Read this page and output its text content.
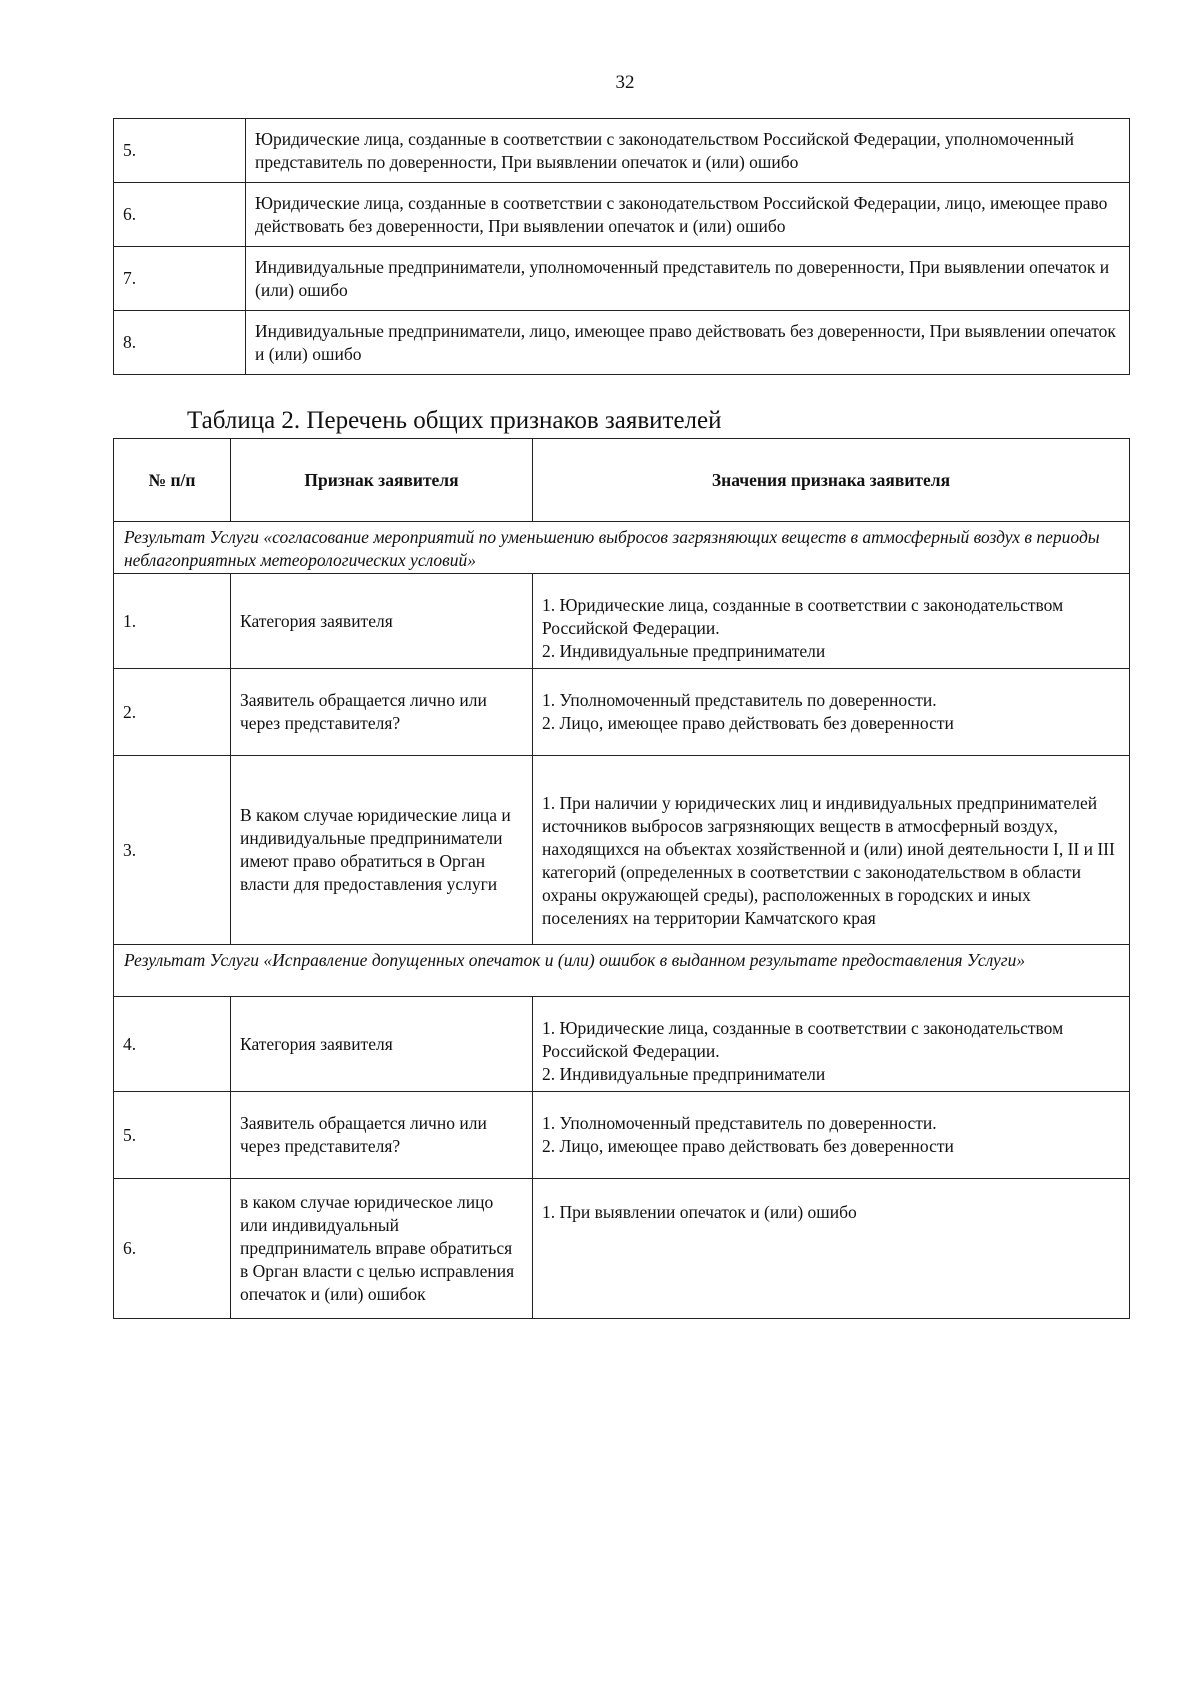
32
5.	Юридические лица, созданные в соответствии с законодательством Российской Федерации, уполномоченный представитель по доверенности, При выявлении опечаток и (или) ошибо
6.	Юридические лица, созданные в соответствии с законодательством Российской Федерации, лицо, имеющее право действовать без доверенности, При выявлении опечаток и (или) ошибо
7.	Индивидуальные предприниматели, уполномоченный представитель по доверенности, При выявлении опечаток и (или) ошибо
8.	Индивидуальные предприниматели, лицо, имеющее право действовать без доверенности, При выявлении опечаток и (или) ошибо
Таблица 2. Перечень общих признаков заявителей
№ п/п	Признак заявителя	Значения признака заявителя
Результат Услуги «согласование мероприятий по уменьшению выбросов загрязняющих веществ в атмосферный воздух в периоды неблагоприятных метеорологических условий»		
1.	Категория заявителя	1. Юридические лица, созданные в соответствии с законодательством Российской Федерации.
2. Индивидуальные предприниматели

2.	Заявитель обращается лично или через представителя?	1. Уполномоченный представитель по доверенности.
2. Лицо, имеющее право действовать без доверенности

3.	В каком случае юридические лица и индивидуальные предприниматели имеют право обратиться в Орган власти для предоставления услуги	1. При наличии у юридических лиц и индивидуальных предпринимателей источников выбросов загрязняющих веществ в атмосферный воздух, находящихся на объектах хозяйственной и (или) иной деятельности I, II и III категорий (определенных в соответствии с законодательством в области охраны окружающей среды), расположенных в городских и иных поселениях на территории Камчатского края

Результат Услуги «Исправление допущенных опечаток и (или) ошибок в выданном результате предоставления Услуги»		
4.	Категория заявителя	1. Юридические лица, созданные в соответствии с законодательством Российской Федерации.
2. Индивидуальные предприниматели

5.	Заявитель обращается лично или через представителя?	1. Уполномоченный представитель по доверенности.
2. Лицо, имеющее право действовать без доверенности

6.	в каком случае юридическое лицо или индивидуальный предприниматель вправе обратиться в Орган власти с целью исправления опечаток и (или) ошибок	1. При выявлении опечаток и (или) ошибо
